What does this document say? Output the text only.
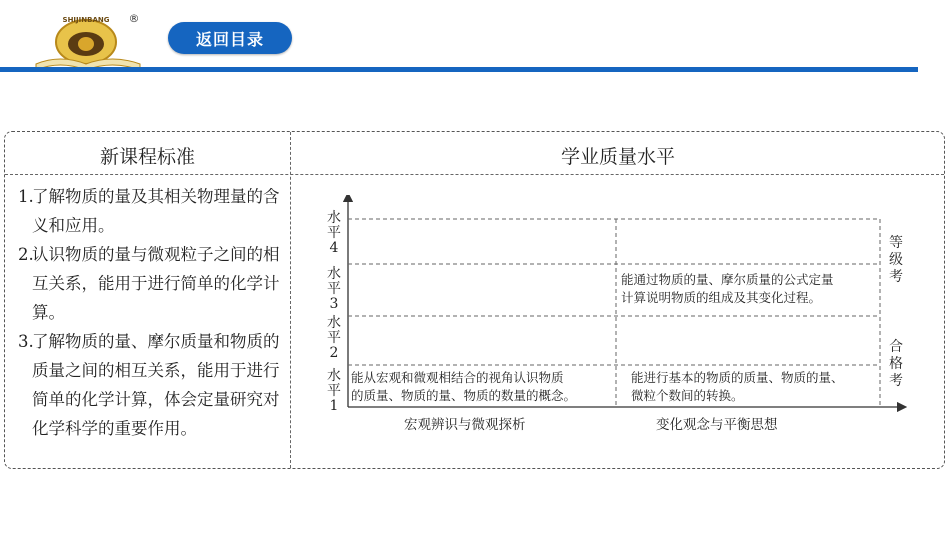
SHIJINBANG ®
返回目录
新课程标准	学业质量水平
1.
了解物质的量及其相关物理量的含义和应用。
2.
认识物质的量与微观粒子之间的相互关系，能用于进行简单的化学计算。
3.
了解物质的量、摩尔质量和物质的质量之间的相互关系，能用于进行简单的化学计算，体会定量研究对化学科学的重要作用。
水平
4
水平
3
水平
2
水平
1
能通过物质的量、摩尔质量的公式定量
计算说明物质的组成及其变化过程。
能从宏观和微观相结合的视角认识物质
的质量、物质的量、物质的数量的概念。
能进行基本的物质的质量、物质的量、
微粒个数间的转换。
宏观辨识与微观探析	变化观念与平衡思想
等
级
考
合
格
考
